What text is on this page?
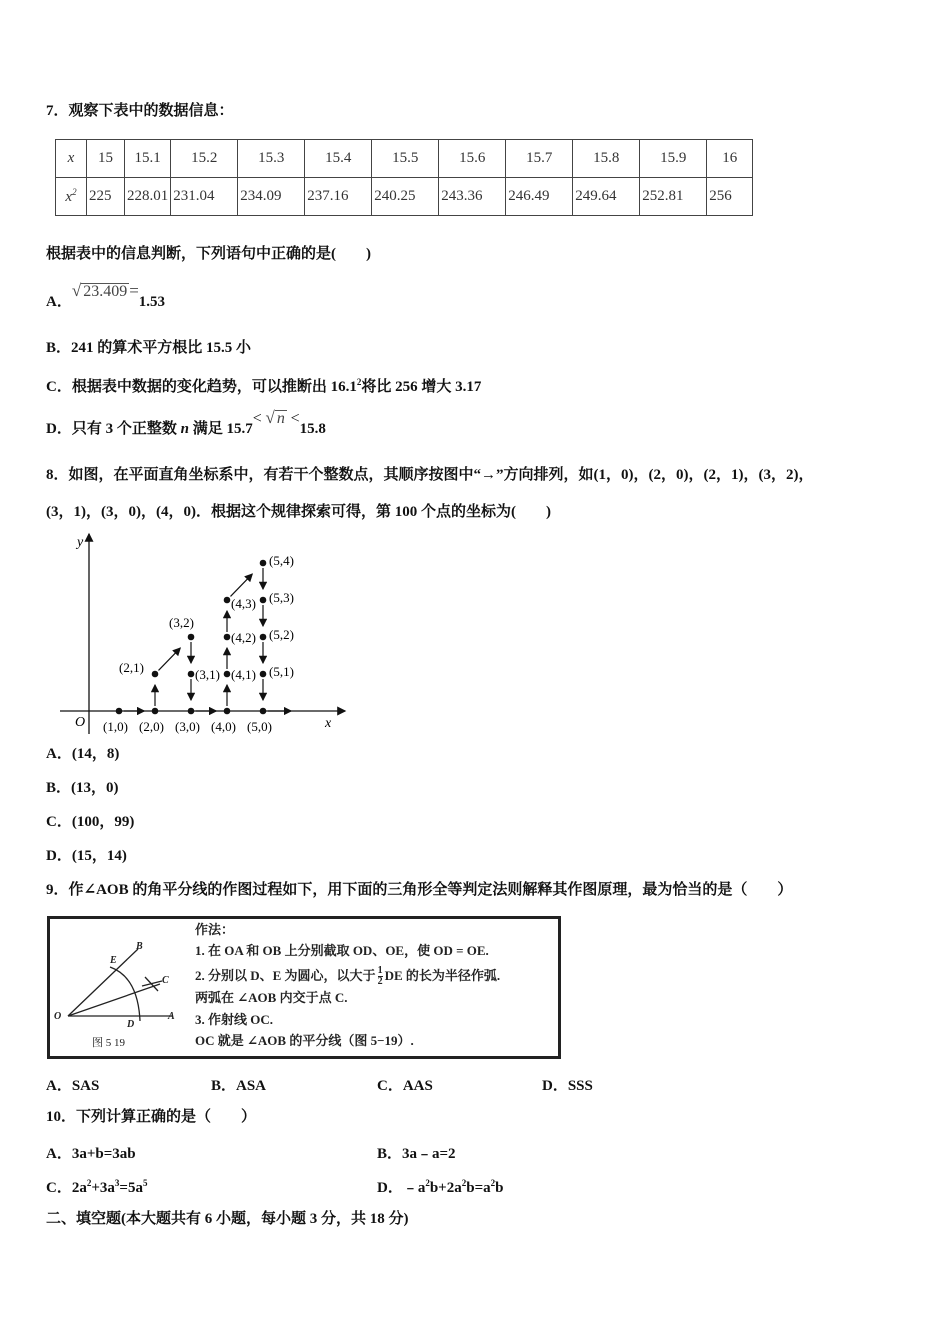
7．观察下表中的数据信息：
x	15	15.1	15.2	15.3	15.4	15.5	15.6	15.7	15.8	15.9	16
$x^2$	225	228.01	231.04	234.09	237.16	240.25	243.36	246.49	249.64	252.81	256
根据表中的信息判断，下列语句中正确的是(　　)
A．√ 23.409 =1.53
B．241 的算术平方根比 15.5 小
C．根据表中数据的变化趋势，可以推断出 16.1$^2$将比 256 增大 3.17
D．只有 3 个正整数 n 满足 15.7< √ n <15.8
8．如图，在平面直角坐标系中，有若干个整数点，其顺序按图中“→”方向排列，如(1，0)，(2，0)，(2，1)，(3，2)，
(3，1)，(3，0)，(4，0)．根据这个规律探索可得，第 100 个点的坐标为(　　)
y
x
O (1,0) (2,0) (3,0) (4,0) (5,0)
(2,1)
(3,2)
(3,1) (4,1)
(4,2)
(4,3)
(5,4)
(5,3)
(5,2)
(5,1)
A．(14，8)
B．(13，0)
C．(100，99)
D．(15，14)
9．作∠AOB 的角平分线的作图过程如下，用下面的三角形全等判定法则解释其作图原理，最为恰当的是（　　）
O	A
B
C
D
E
图 5 19
作法：
1. 在 OA 和 OB 上分别截取 OD、OE，使 OD = OE.
2. 分别以 D、E 为圆心，以大于 $\frac{1}{2}$ DE 的长为半径作弧.
两弧在 ∠AOB 内交于点 C.
3. 作射线 OC.
OC 就是 ∠AOB 的平分线（图 5−19）.
A．SAS	B．ASA	C．AAS	D．SSS
10．下列计算正确的是（　　）
A．3a+b=3ab	B．3a﹣a=2
C．$2a^2+3a^3=5a^5$	D．$﹣a^2b+2a^2b=a^2b$
二、填空题(本大题共有 6 小题，每小题 3 分，共 18 分)
